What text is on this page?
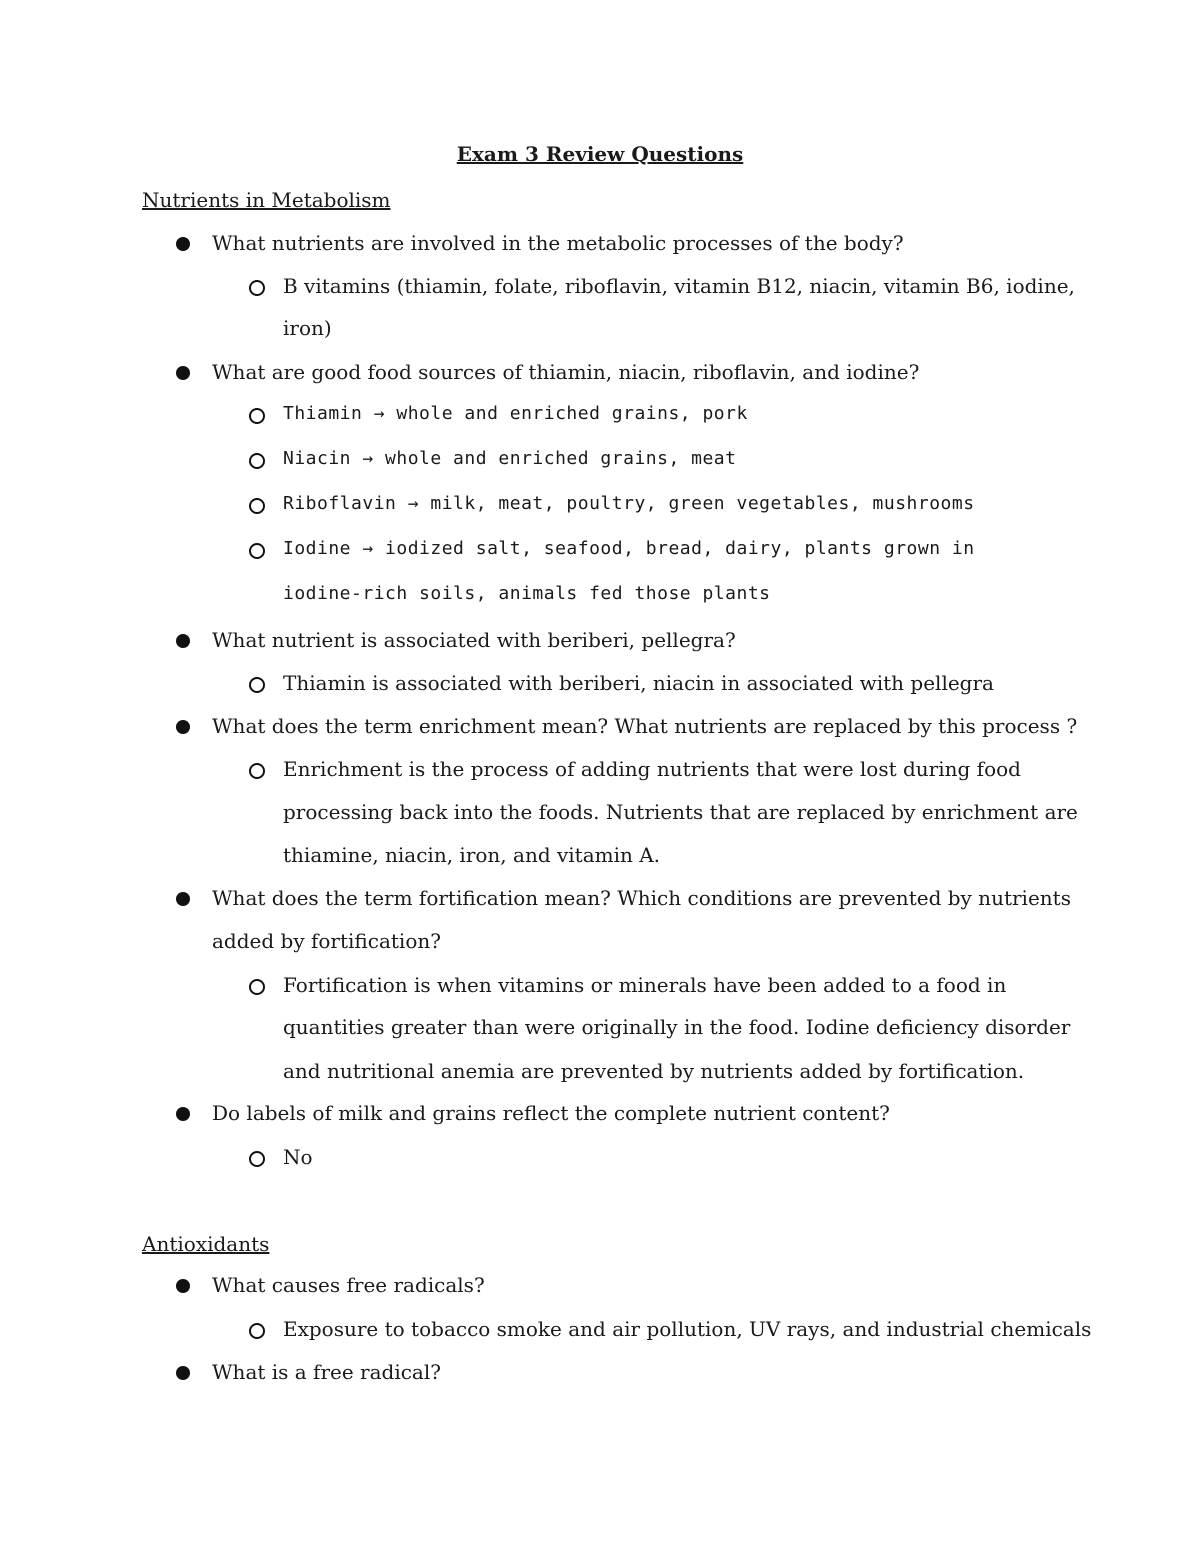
Exam 3 Review Questions
Nutrients in Metabolism
What nutrients are involved in the metabolic processes of the body?
B vitamins (thiamin, folate, riboflavin, vitamin B12, niacin, vitamin B6, iodine,
iron)
What are good food sources of thiamin, niacin, riboflavin, and iodine?
Thiamin → whole and enriched grains, pork
Niacin → whole and enriched grains, meat
Riboflavin → milk, meat, poultry, green vegetables, mushrooms
Iodine → iodized salt, seafood, bread, dairy, plants grown in
iodine-rich soils, animals fed those plants
What nutrient is associated with beriberi, pellegra?
Thiamin is associated with beriberi, niacin in associated with pellegra
What does the term enrichment mean? What nutrients are replaced by this process ?
Enrichment is the process of adding nutrients that were lost during food
processing back into the foods. Nutrients that are replaced by enrichment are
thiamine, niacin, iron, and vitamin A.
What does the term fortification mean? Which conditions are prevented by nutrients
added by fortification?
Fortification is when vitamins or minerals have been added to a food in
quantities greater than were originally in the food. Iodine deficiency disorder
and nutritional anemia are prevented by nutrients added by fortification.
Do labels of milk and grains reflect the complete nutrient content?
No
Antioxidants
What causes free radicals?
Exposure to tobacco smoke and air pollution, UV rays, and industrial chemicals
What is a free radical?
